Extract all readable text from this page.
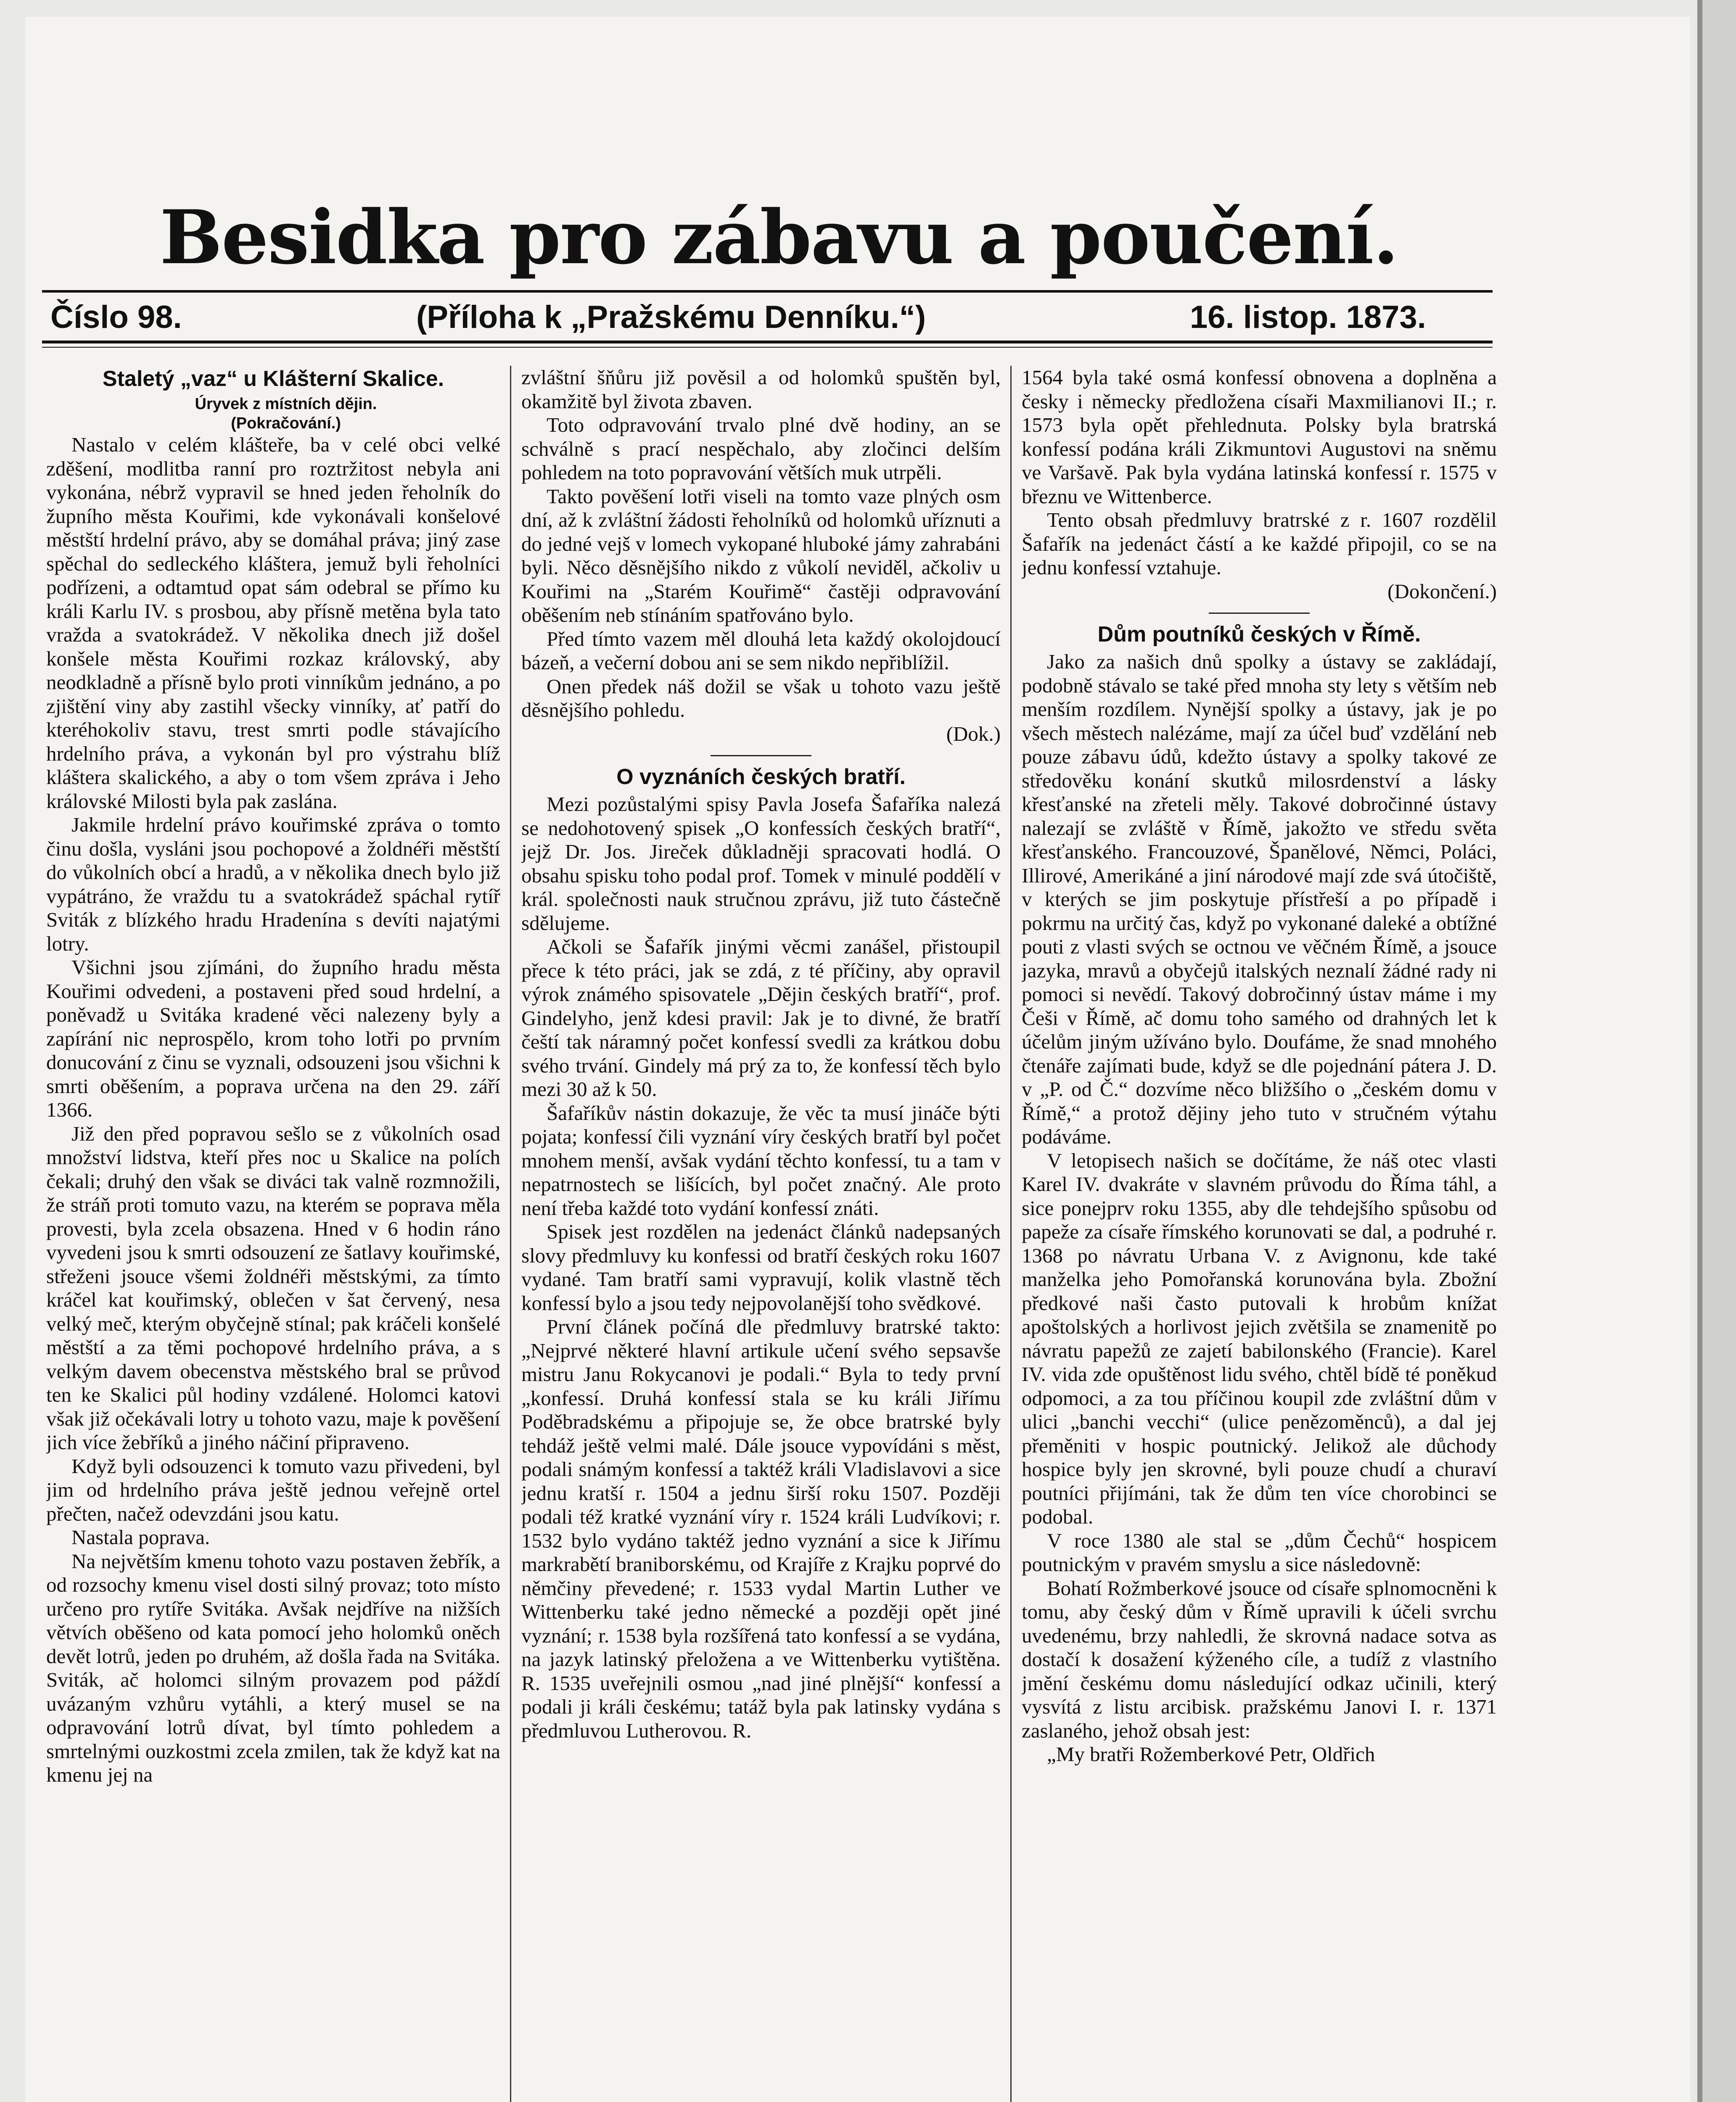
Besidka pro zábavu a poučení.
Číslo 98.	(Příloha k „Pražskému Denníku.“)	16. listop. 1873.
Staletý „vaz“ u Klášterní Skalice.

Úryvek z místních dějin.

(Pokračování.)

Nastalo v celém klášteře, ba v celé obci velké zděšení, modlitba ranní pro roztržitost nebyla ani vykonána, nébrž vypravil se hned jeden řeholník do župního města Kouřimi, kde vykonávali konšelové městští hrdelní právo, aby se domáhal práva; jiný zase spěchal do sedleckého kláštera, jemuž byli řeholníci podřízeni, a odtamtud opat sám odebral se přímo ku králi Karlu IV. s prosbou, aby přísně metěna byla tato vražda a svatokrádež. V několika dnech již došel konšele města Kouřimi rozkaz královský, aby neodkladně a přísně bylo proti vinníkům jednáno, a po zjištění viny aby zastihl všecky vinníky, ať patří do kteréhokoliv stavu, trest smrti podle stávajícího hrdelního práva, a vykonán byl pro výstrahu blíž kláštera skalického, a aby o tom všem zpráva i Jeho královské Milosti byla pak zaslána.

Jakmile hrdelní právo kouřimské zpráva o tomto činu došla, vysláni jsou pochopové a žoldnéři městští do vůkolních obcí a hradů, a v několika dnech bylo již vypátráno, že vraždu tu a svatokrádež spáchal rytíř Sviták z blízkého hradu Hradenína s devíti najatými lotry.

Všichni jsou zjímáni, do župního hradu města Kouřimi odvedeni, a postaveni před soud hrdelní, a poněvadž u Svitáka kradené věci nalezeny byly a zapírání nic neprospělo, krom toho lotři po prvním donucování z činu se vyznali, odsouzeni jsou všichni k smrti oběšením, a poprava určena na den 29. září 1366.

Již den před popravou sešlo se z vůkolních osad množství lidstva, kteří přes noc u Skalice na polích čekali; druhý den však se diváci tak valně rozmnožili, že stráň proti tomuto vazu, na kterém se poprava měla provesti, byla zcela obsazena. Hned v 6 hodin ráno vyvedeni jsou k smrti odsouzení ze šatlavy kouřimské, střeženi jsouce všemi žoldnéři městskými, za tímto kráčel kat kouřimský, oblečen v šat červený, nesa velký meč, kterým obyčejně stínal; pak kráčeli konšelé městští a za těmi pochopové hrdelního práva, a s velkým davem obecenstva městského bral se průvod ten ke Skalici půl hodiny vzdálené. Holomci katovi však již očekávali lotry u tohoto vazu, maje k pověšení jich více žebříků a jiného náčiní připraveno.

Když byli odsouzenci k tomuto vazu přivedeni, byl jim od hrdelního práva ještě jednou veřejně ortel přečten, načež odevzdáni jsou katu.

Nastala poprava.

Na největším kmenu tohoto vazu postaven žebřík, a od rozsochy kmenu visel dosti silný provaz; toto místo určeno pro rytíře Svitáka. Avšak nejdříve na nižších větvích oběšeno od kata pomocí jeho holomků oněch devět lotrů, jeden po druhém, až došla řada na Svitáka. Sviták, ač holomci silným provazem pod páždí uvázaným vzhůru vytáhli, a který musel se na odpravování lotrů dívat, byl tímto pohledem a smrtelnými ouzkostmi zcela zmilen, tak že když kat na kmenu jej na

zvláštní šňůru již pověsil a od holomků spuštěn byl, okamžitě byl života zbaven.

Toto odpravování trvalo plné dvě hodiny, an se schválně s prací nespěchalo, aby zločinci delším pohledem na toto popravování větších muk utrpěli.

Takto pověšení lotři viseli na tomto vaze plných osm dní, až k zvláštní žádosti řeholníků od holomků uříznuti a do jedné vejš v lomech vykopané hluboké jámy zahrabáni byli. Něco děsnějšího nikdo z vůkolí neviděl, ačkoliv u Kouřimi na „Starém Kouřimě“ častěji odpravování oběšením neb stínáním spatřováno bylo.

Před tímto vazem měl dlouhá leta každý okolojdoucí bázeň, a večerní dobou ani se sem nikdo nepřiblížil.

Onen předek náš dožil se však u tohoto vazu ještě děsnějšího pohledu.

(Dok.)

O vyznáních českých bratří.

Mezi pozůstalými spisy Pavla Josefa Šafaříka nalezá se nedohotovený spisek „O konfessích českých bratří“, jejž Dr. Jos. Jireček důkladněji spracovati hodlá. O obsahu spisku toho podal prof. Tomek v minulé poddělí v král. společnosti nauk stručnou zprávu, již tuto částečně sdělujeme.

Ačkoli se Šafařík jinými věcmi zanášel, přistoupil přece k této práci, jak se zdá, z té příčiny, aby opravil výrok známého spisovatele „Dějin českých bratří“, prof. Gindelyho, jenž kdesi pravil: Jak je to divné, že bratří čeští tak náramný počet konfessí svedli za krátkou dobu svého trvání. Gindely má prý za to, že konfessí těch bylo mezi 30 až k 50.

Šafaříkův nástin dokazuje, že věc ta musí jináče býti pojata; konfessí čili vyznání víry českých bratří byl počet mnohem menší, avšak vydání těchto konfessí, tu a tam v nepatrnostech se lišících, byl počet značný. Ale proto není třeba každé toto vydání konfessí znáti.

Spisek jest rozdělen na jedenáct článků nadepsaných slovy předmluvy ku konfessi od bratří českých roku 1607 vydané. Tam bratří sami vypravují, kolik vlastně těch konfessí bylo a jsou tedy nejpovolanější toho svědkové.

První článek počíná dle předmluvy bratrské takto: „Nejprvé některé hlavní artikule učení svého sepsavše mistru Janu Rokycanovi je podali.“ Byla to tedy první „konfessí. Druhá konfessí stala se ku králi Jiřímu Poděbradskému a připojuje se, že obce bratrské byly tehdáž ještě velmi malé. Dále jsouce vypovídáni s měst, podali snámým konfessí a taktéž králi Vladislavovi a sice jednu kratší r. 1504 a jednu širší roku 1507. Později podali též kratké vyznání víry r. 1524 králi Ludvíkovi; r. 1532 bylo vydáno taktéž jedno vyznání a sice k Jiřímu markrabětí braniborskému, od Krajíře z Krajku poprvé do němčiny převedené; r. 1533 vydal Martin Luther ve Wittenberku také jedno německé a později opět jiné vyznání; r. 1538 byla rozšířená tato konfessí a se vydána, na jazyk latinský přeložena a ve Wittenberku vytištěna. R. 1535 uveřejnili osmou „nad jiné plnější“ konfessí a podali ji králi českému; tatáž byla pak latinsky vydána s předmluvou Lutherovou. R.

1564 byla také osmá konfessí obnovena a doplněna a česky i německy předložena císaři Maxmilianovi II.; r. 1573 byla opět přehlednuta. Polsky byla bratrská konfessí podána králi Zikmuntovi Augustovi na sněmu ve Varšavě. Pak byla vydána latinská konfessí r. 1575 v březnu ve Wittenberce.

Tento obsah předmluvy bratrské z r. 1607 rozdělil Šafařík na jedenáct částí a ke každé připojil, co se na jednu konfessí vztahuje.

(Dokončení.)

Dům poutníků českých v Římě.

Jako za našich dnů spolky a ústavy se zakládají, podobně stávalo se také před mnoha sty lety s větším neb menším rozdílem. Nynější spolky a ústavy, jak je po všech městech nalézáme, mají za účel buď vzdělání neb pouze zábavu údů, kdežto ústavy a spolky takové ze středověku konání skutků milosrdenství a lásky křesťanské na zřeteli měly. Takové dobročinné ústavy nalezají se zvláště v Římě, jakožto ve středu světa křesťanského. Francouzové, Španělové, Němci, Poláci, Illirové, Amerikáné a jiní národové mají zde svá útočiště, v kterých se jim poskytuje přístřeší a po případě i pokrmu na určitý čas, když po vykonané daleké a obtížné pouti z vlasti svých se octnou ve věčném Římě, a jsouce jazyka, mravů a obyčejů italských neznalí žádné rady ni pomoci si nevědí. Takový dobročinný ústav máme i my Češi v Římě, ač domu toho samého od drahných let k účelům jiným užíváno bylo. Doufáme, že snad mnohého čtenáře zajímati bude, když se dle pojednání pátera J. D. v „P. od Č.“ dozvíme něco bližšího o „českém domu v Římě,“ a protož dějiny jeho tuto v stručném výtahu podáváme.

V letopisech našich se dočítáme, že náš otec vlasti Karel IV. dvakráte v slavném průvodu do Říma táhl, a sice ponejprv roku 1355, aby dle tehdejšího spůsobu od papeže za císaře římského korunovati se dal, a podruhé r. 1368 po návratu Urbana V. z Avignonu, kde také manželka jeho Pomořanská korunována byla. Zbožní předkové naši často putovali k hrobům knížat apoštolských a horlivost jejich zvětšila se znamenitě po návratu papežů ze zajetí babilonského (Francie). Karel IV. vida zde opuštěnost lidu svého, chtěl bídě té poněkud odpomoci, a za tou příčinou koupil zde zvláštní dům v ulici „banchi vecchi“ (ulice penězoměnců), a dal jej přeměniti v hospic poutnický. Jelikož ale důchody hospice byly jen skrovné, byli pouze chudí a churaví poutníci přijímáni, tak že dům ten více chorobinci se podobal.

V roce 1380 ale stal se „dům Čechů“ hospicem poutnickým v pravém smyslu a sice následovně:

Bohatí Rožmberkové jsouce od císaře splnomocněni k tomu, aby český dům v Římě upravili k účeli svrchu uvedenému, brzy nahledli, že skrovná nadace sotva as dostačí k dosažení kýženého cíle, a tudíž z vlastního jmění českému domu následující odkaz učinili, který vysvítá z listu arcibisk. pražskému Janovi I. r. 1371 zaslaného, jehož obsah jest:

„My bratři Rožemberkové Petr, Oldřich
